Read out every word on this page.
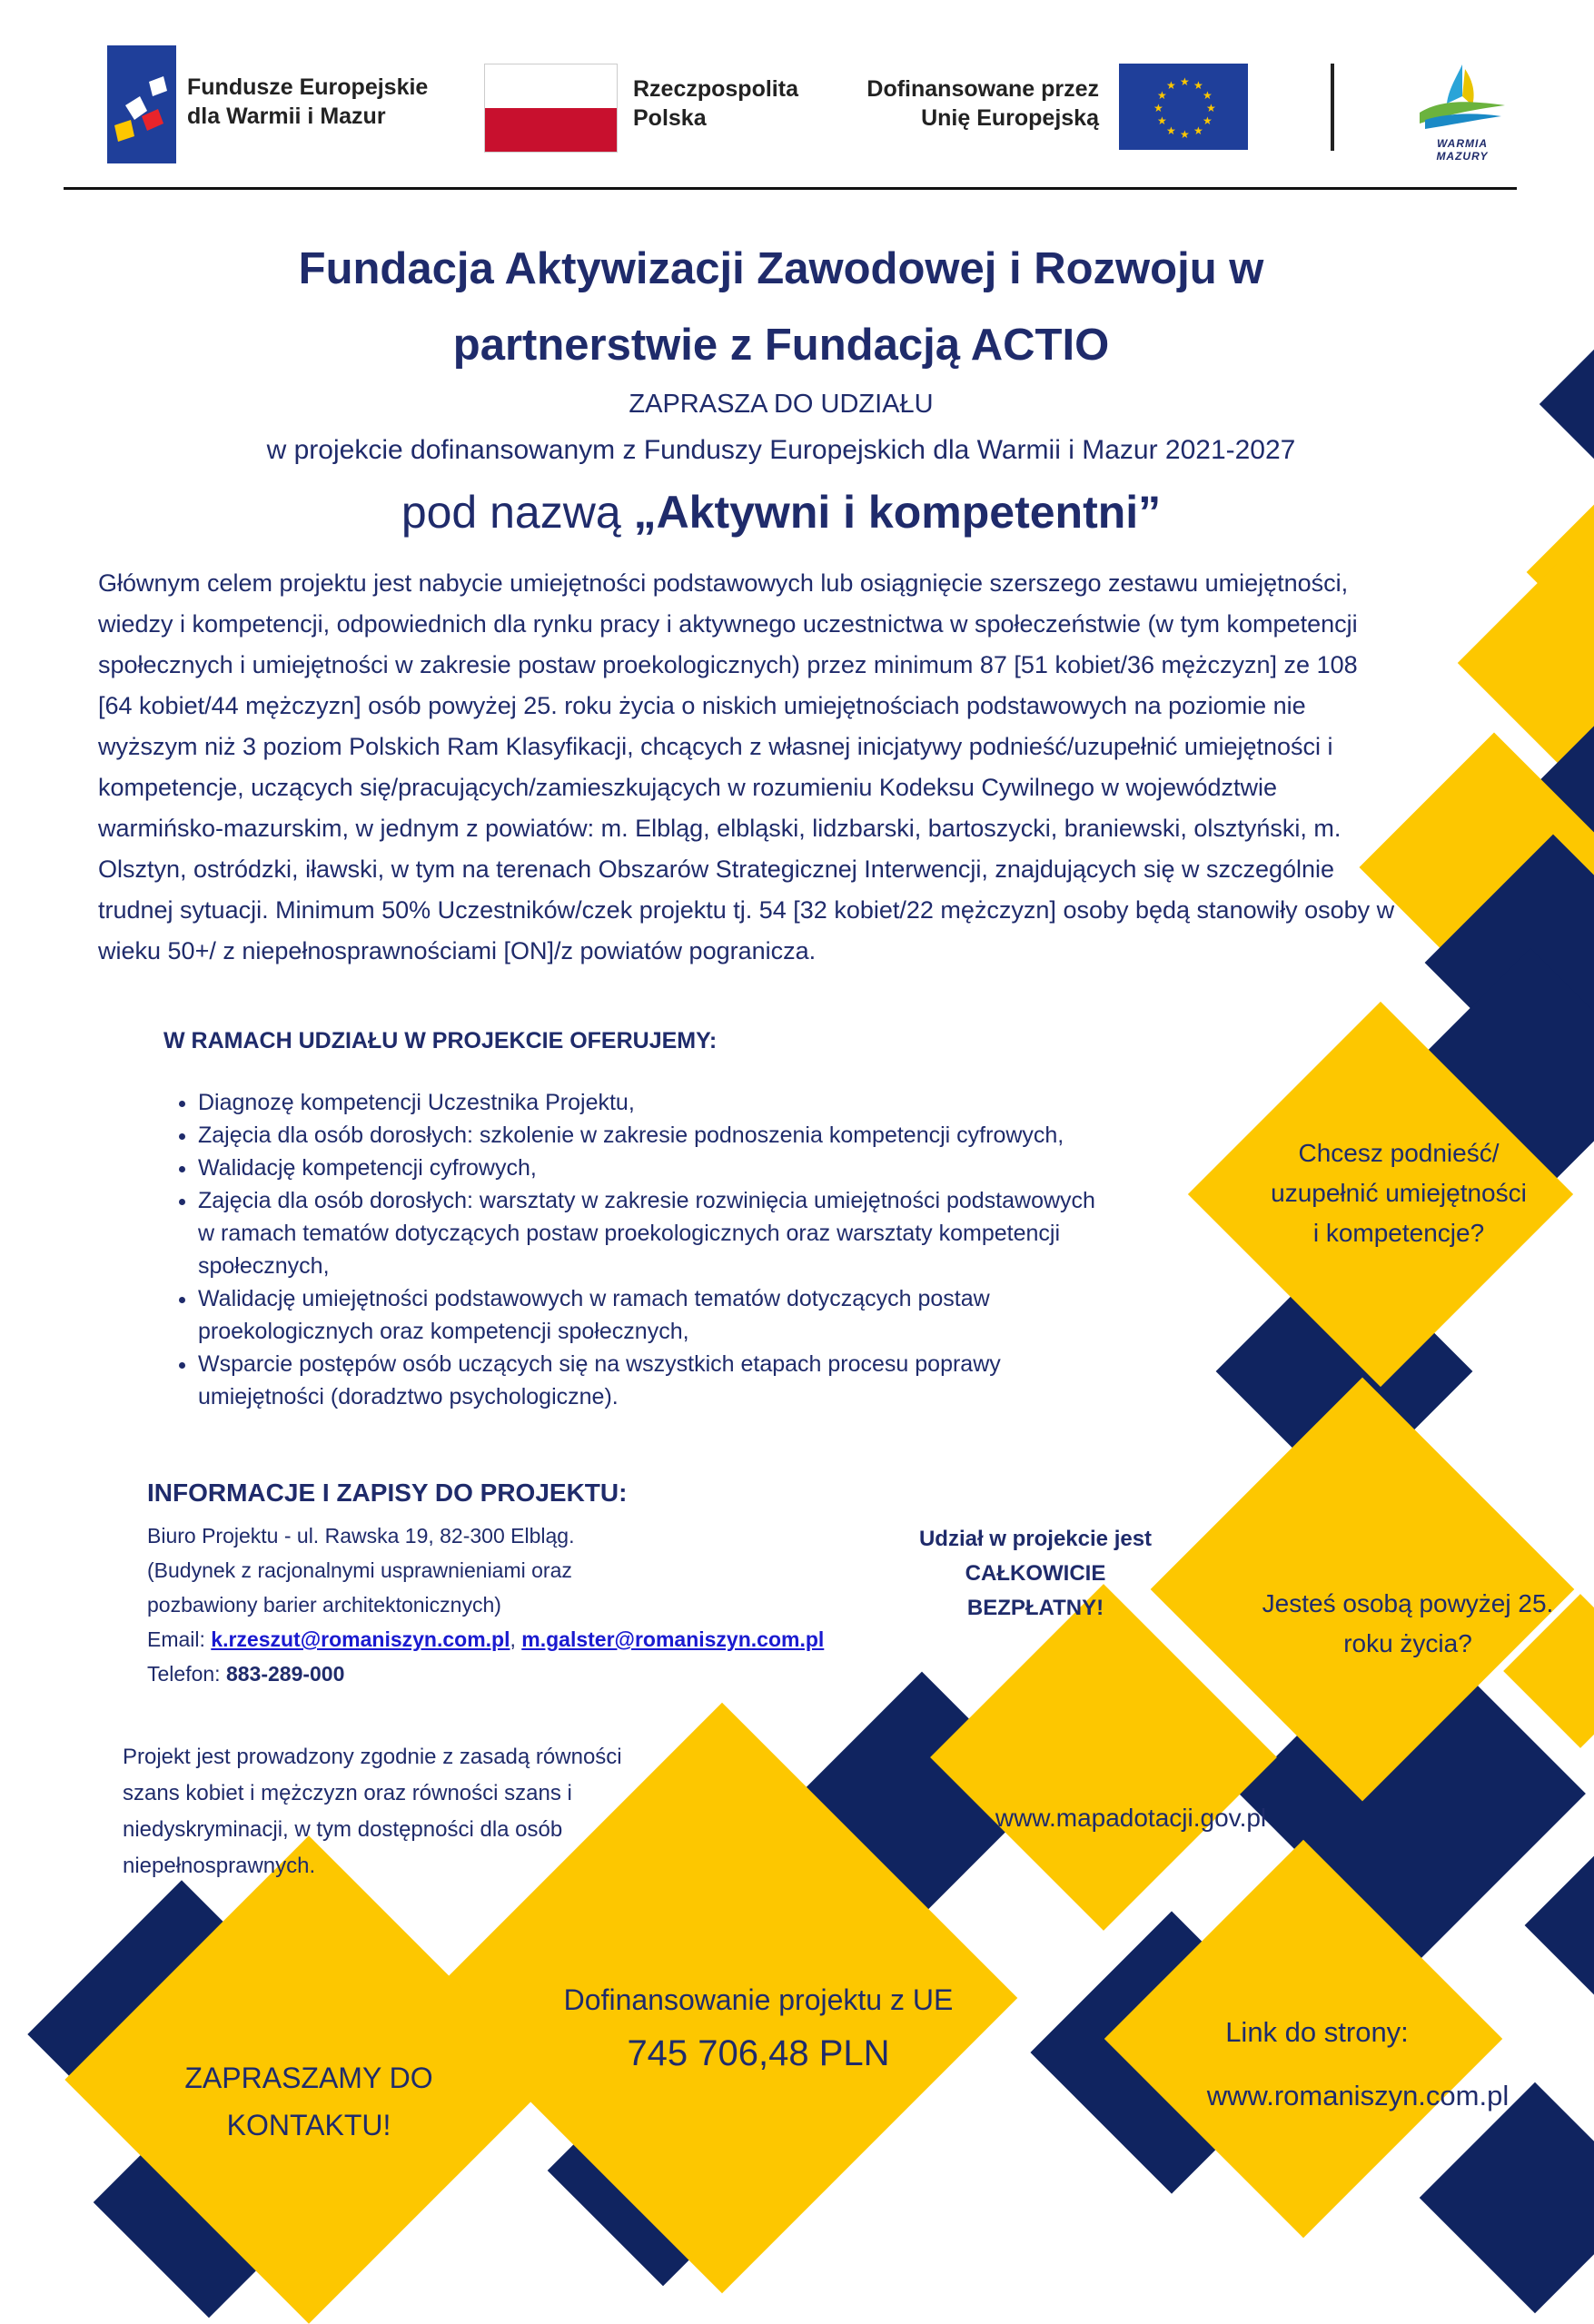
Fundusze Europejskie
dla Warmii i Mazur
Rzeczpospolita
Polska
Dofinansowane przez
Unię Europejską
★ ★
★
★
★
★
★
★
★
★
★
★
WARMIA MAZURY
Fundacja Aktywizacji Zawodowej i Rozwoju w
partnerstwie z Fundacją ACTIO
ZAPRASZA DO UDZIAŁU
w projekcie dofinansowanym z Funduszy Europejskich dla Warmii i Mazur 2021-2027
pod nazwą „Aktywni i kompetentni”
Głównym celem projektu jest nabycie umiejętności podstawowych lub osiągnięcie szerszego zestawu umiejętności, wiedzy i kompetencji, odpowiednich dla rynku pracy i aktywnego uczestnictwa w społeczeństwie (w tym kompetencji społecznych i umiejętności w zakresie postaw proekologicznych) przez minimum 87 [51 kobiet/36 mężczyzn] ze 108 [64 kobiet/44 mężczyzn] osób powyżej 25. roku życia o niskich umiejętnościach podstawowych na poziomie nie wyższym niż 3 poziom Polskich Ram Klasyfikacji, chcących z własnej inicjatywy podnieść/uzupełnić umiejętności i kompetencje, uczących się/pracujących/zamieszkujących w rozumieniu Kodeksu Cywilnego w województwie warmińsko-mazurskim, w jednym z powiatów: m. Elbląg, elbląski, lidzbarski, bartoszycki, braniewski, olsztyński, m. Olsztyn, ostródzki, iławski, w tym na terenach Obszarów Strategicznej Interwencji, znajdujących się w szczególnie trudnej sytuacji. Minimum 50% Uczestników/czek projektu tj. 54 [32 kobiet/22 mężczyzn] osoby będą stanowiły osoby w wieku 50+/ z niepełnosprawnościami [ON]/z powiatów pogranicza.
W RAMACH UDZIAŁU W PROJEKCIE OFERUJEMY:
• Diagnozę kompetencji Uczestnika Projektu,
• Zajęcia dla osób dorosłych: szkolenie w zakresie podnoszenia kompetencji cyfrowych,
• Walidację kompetencji cyfrowych,
• Zajęcia dla osób dorosłych: warsztaty w zakresie rozwinięcia umiejętności podstawowych w ramach tematów dotyczących postaw proekologicznych oraz warsztaty kompetencji społecznych,
• Walidację umiejętności podstawowych w ramach tematów dotyczących postaw proekologicznych oraz kompetencji społecznych,
• Wsparcie postępów osób uczących się na wszystkich etapach procesu poprawy umiejętności (doradztwo psychologiczne).
INFORMACJE I ZAPISY DO PROJEKTU:
Biuro Projektu - ul. Rawska 19, 82-300 Elbląg.
(Budynek z racjonalnymi usprawnieniami oraz pozbawiony barier architektonicznych)
Email: k.rzeszut@romaniszyn.com.pl, m.galster@romaniszyn.com.pl
Telefon: 883-289-000
Udział w projekcie jest
CAŁKOWICIE
BEZPŁATNY!
Projekt jest prowadzony zgodnie z zasadą równości szans kobiet i mężczyzn oraz równości szans i niedyskryminacji, w tym dostępności dla osób niepełnosprawnych.
Chcesz podnieść/
uzupełnić umiejętności
i kompetencje?
Jesteś osobą powyżej 25.
roku życia?
www.mapadotacji.gov.pl
Dofinansowanie projektu z UE
745 706,48 PLN
Link do strony:
www.romaniszyn.com.pl
ZAPRASZAMY DO
KONTAKTU!
